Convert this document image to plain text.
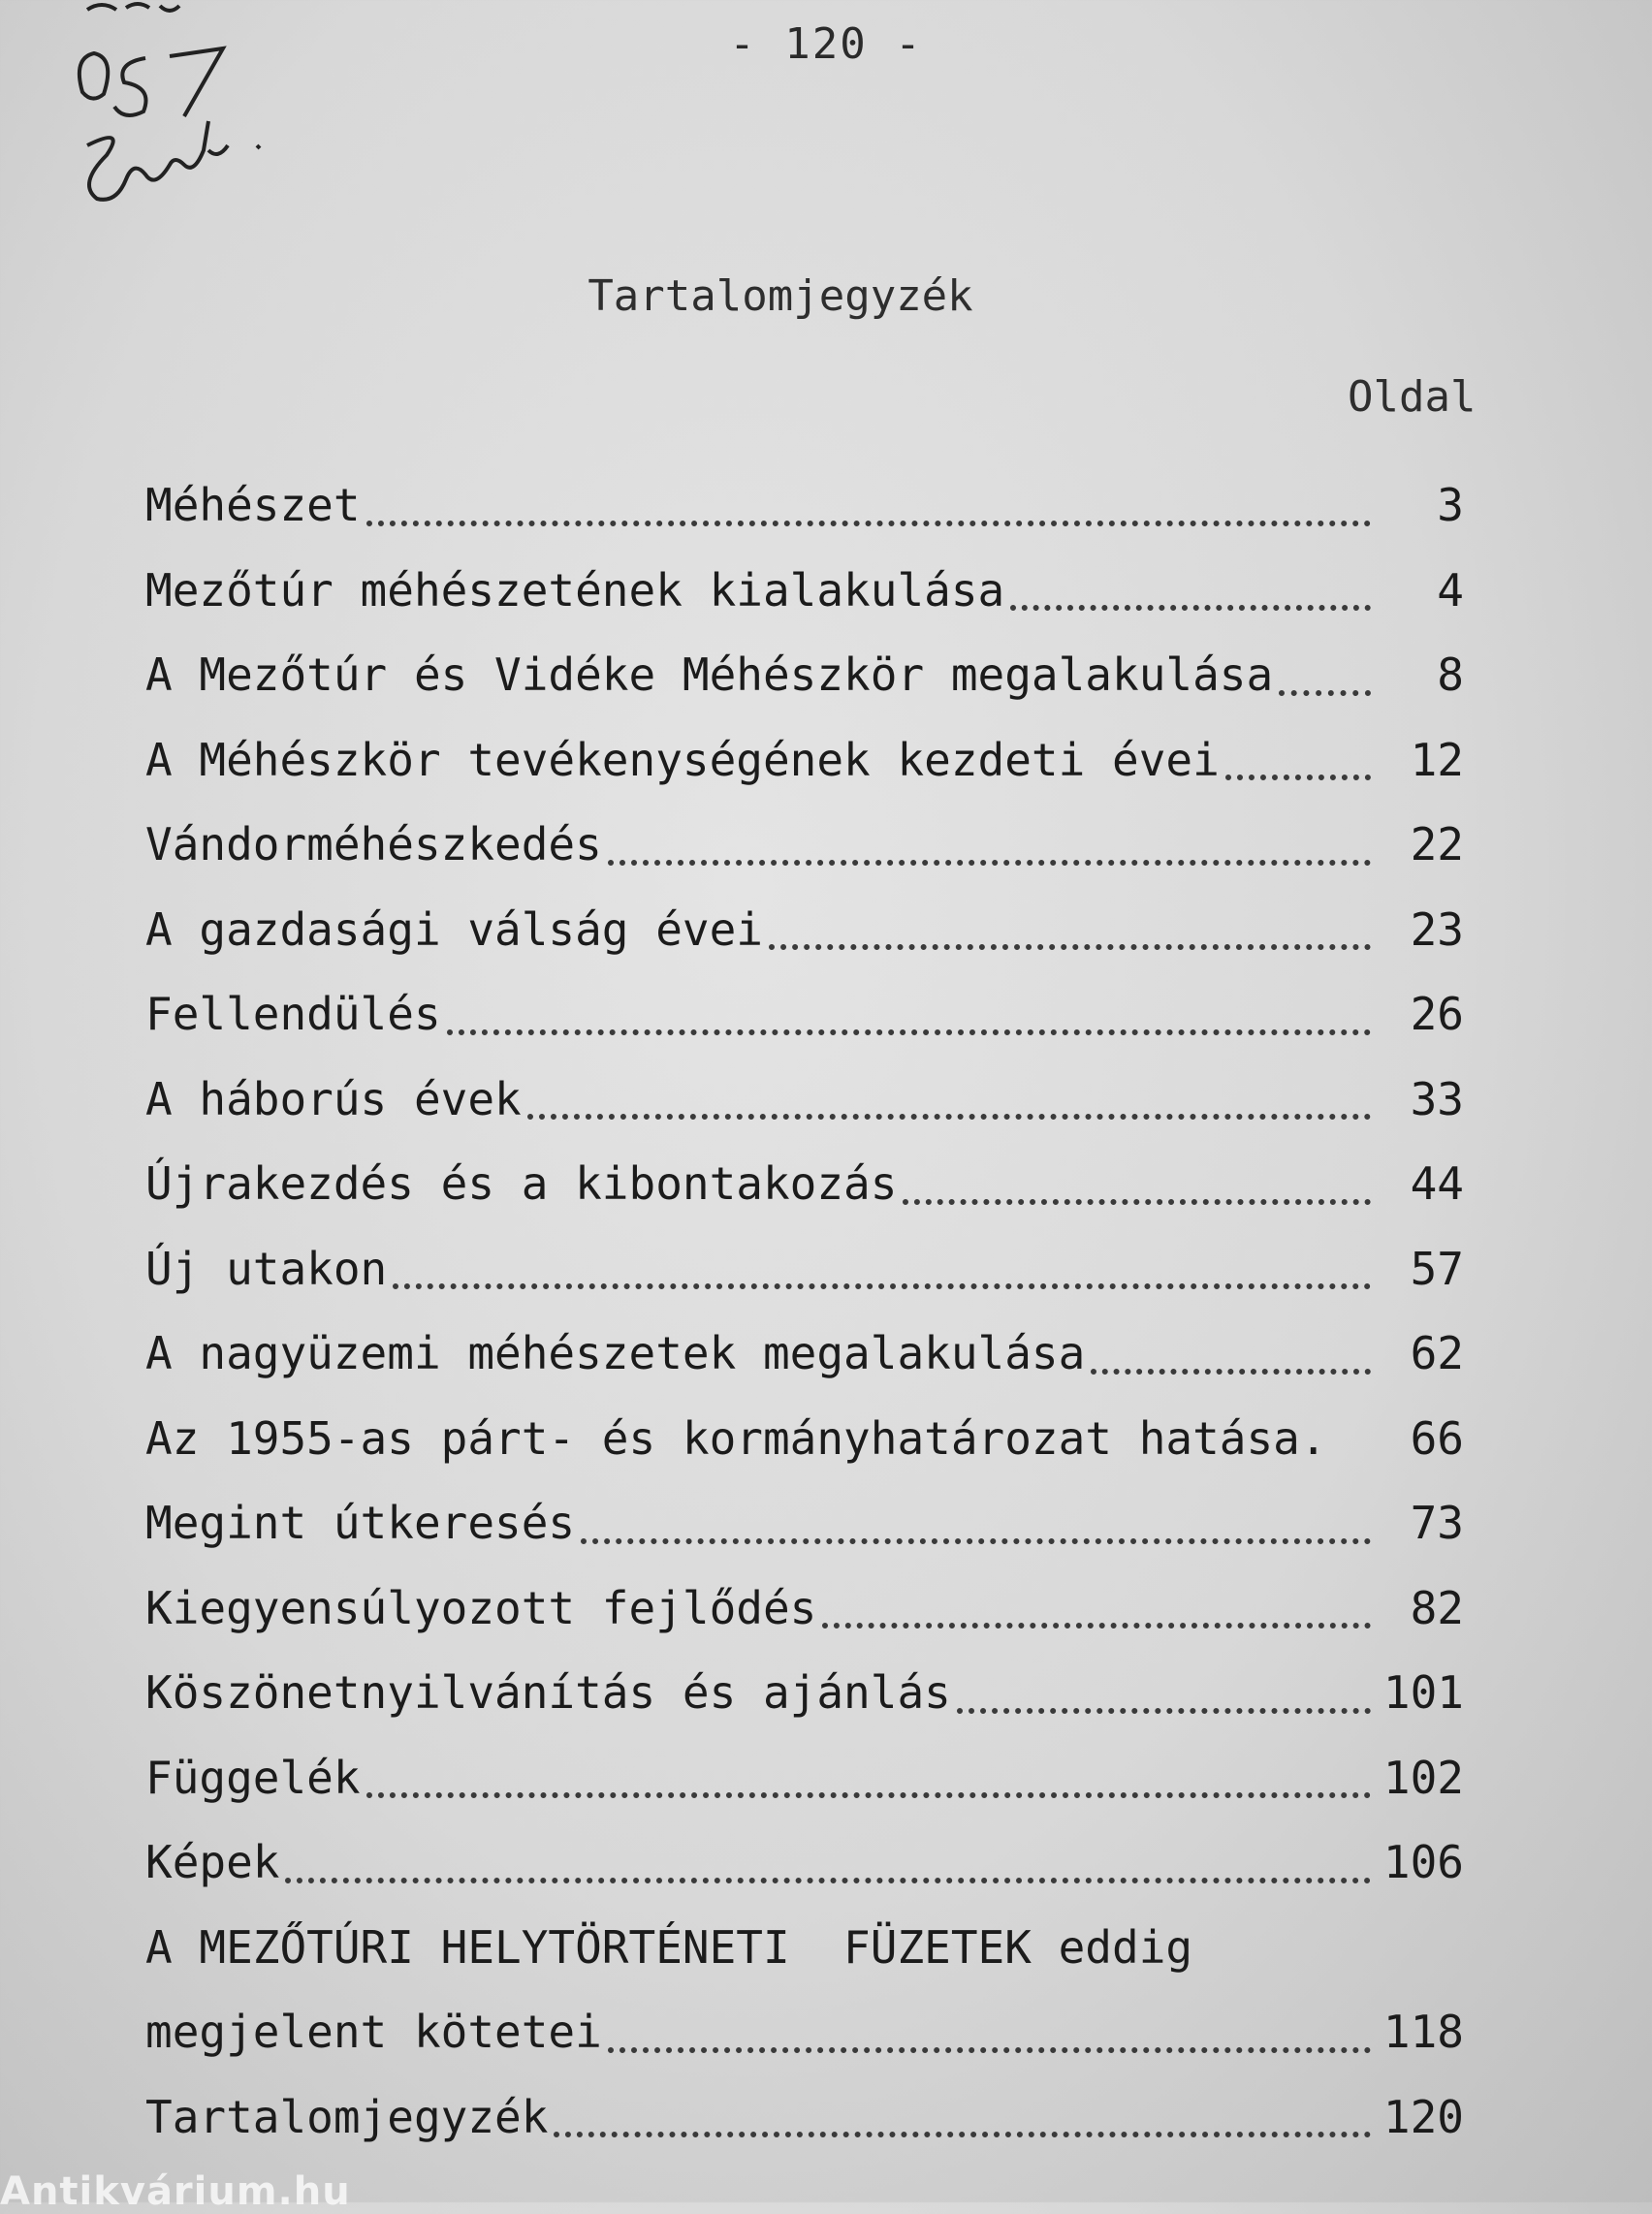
- 120 -
Tartalomjegyzék
Oldal
Méhészet	3
Mezőtúr méhészetének kialakulása	4
A Mezőtúr és Vidéke Méhészkör megalakulása	8
A Méhészkör tevékenységének kezdeti évei	12
Vándorméhészkedés	22
A gazdasági válság évei	23
Fellendülés	26
A háborús évek	33
Újrakezdés és a kibontakozás	44
Új utakon	57
A nagyüzemi méhészetek megalakulása	62
Az 1955-as párt- és kormányhatározat hatása.	66
Megint útkeresés	73
Kiegyensúlyozott fejlődés	82
Köszönetnyilvánítás és ajánlás	101
Függelék	102
Képek	106
A MEZŐTÚRI HELYTÖRTÉNETI  FÜZETEK eddig
megjelent kötetei	118
Tartalomjegyzék	120
Antikvárium.hu
